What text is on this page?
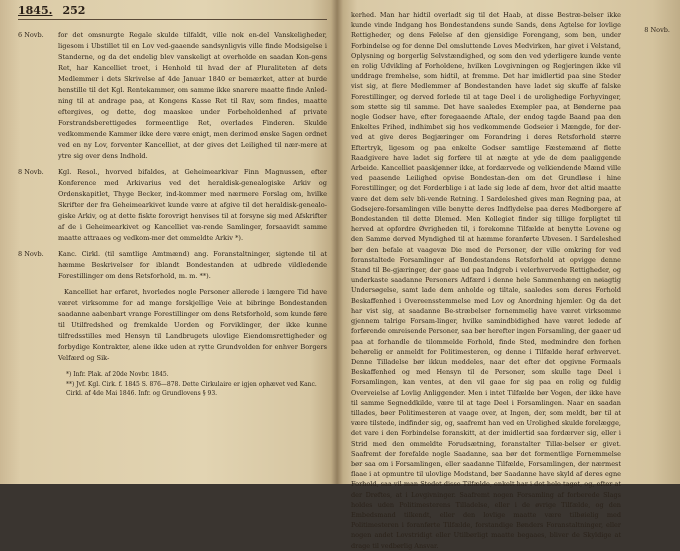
1845. 252
6 Novb.	for det omsnurgte Regale skulde tilfaldt, ville nok en-del Vanskeligheder, ligesom i Ubstillet til en Lov ved-gaaende sandsynligvis ville finde Modsigelse i Standerne, og da det endelig blev vanskeligt at overholde en saadan Kon-gens Ret, har Kancelliet troet, i Henhold til hvad der af Pluraliteten af dets Medlemmer i dets Skrivelse af 4de Januar 1840 er bemærket, atter at burde henstille til det Kgl. Rentekammer, om samme ikke snarere maatte finde Anled-ning til at andrage paa, at Kongens Kasse Ret til Rav, som findes, maatte eftergives, og dette, dog maaskee under Forbeholdenhed af private Forstrandsberettigedes formeentlige Ret, overlades Finderen. Skulde vedkommende Kammer ikke dere være enigt, men derimod ønske Sagen ordnet ved en ny Lov, forventer Kancelliet, at der gives det Leilighed til nær-mere at ytre sig over dens Indhold.
8 Novb.	Kgl. Resol., hvorved bifaldes, at Geheimearkivar Finn Magnussen, efter Konference med Arkivarius ved det heraldisk-genealogiske Arkiv og Ordenskapitlet, Thyge Becker, ind-kommer med nærmere Forslag om, hvilke Skrifter der fra Geheimearkivet kunde være at afgive til det heraldisk-genealo-giske Arkiv, og at dette fiskte forovrigt henvises til at forsyne sig med Afskrifter af de i Geheimearkivet og Kancelliet væ-rende Samlinger, forsaavidt samme maatte attraaes og vedkom-mer det ommeldte Arkiv *).
8 Novb.	Kanc. Cirkl. (til samtlige Amtmænd) ang. Foranstaltninger, sigtende til at hæmme Beskrivelser for iblandt Bondestanden at udbrede vildledende Forestillinger om dens Retsforhold, m. m. **).
Kancelliet har erfaret, hvorledes nogle Personer allerede i længere Tid have været virksomme for ad mange forskjellige Veie at bibringe Bondestanden saadanne aabenbart vrange Forestillinger om dens Retsforhold, som kunde føre til Utilfredshed og fremkalde Uorden og Forviklinger, der ikke kunne tilfredsstilles med Hensyn til Landbrugets ulovlige Eiendomsrettigheder og forbydige Kontrakter, alene ikke uden at rytte Grundvolden for enhver Borgers Velfærd og Sik-
*) Infr. Plak. af 20de Novbr. 1845.
**) Jvf. Kgl. Cirk. f. 1845 S. 876—878. Dette Cirkulaire er igjen ophævet ved Kanc. Cirkl. af 4de Mai 1846. Infr. og Grundlovens § 93.
kerhed. Man har hidtil overladt sig til det Haab, at disse Bestræ-belser ikke kunde vinde Indgang hos Bondestandens sunde Sands, dens Agtelse for lovlige Rettigheder, og dens Følelse af den gjensidige Forengang, som ben, under Forbindelse og for denne Del omsluttende Loves Medvirken, har givet i Velstand, Oplysning og borgerlig Selvstændighed, og som den ved yderligere kunde vente en rolig Udvikling af Forholdene, hvilken Lovgivningen og Regjeringen ikke vil unddrage fremhelse, som hidtil, at fremme. Det har imidlertid paa sine Steder vist sig, at flere Medlemmer af Bondestanden have ladet sig skuffe af falske Forestillinger, og derved forlede til at tage Deel i de urolighedige Forhyvinger, som støtte sig til samme. Det have saaledes Exempler paa, at Bønderne paa nogle Godser have, efter foregaaende Aftale, der endog tagde Baand paa den Enkeltes Frihed, indhimbet sig hos vedkommende Godseier i Mængde, for der-ved at give deres Begjæringer om Forandring i deres Retsforhold større Eftertryk, ligesom og paa enkelte Godser samtlige Fæstemænd af flette Raadgivere have ladet sig forføre til at nægte at yde de dem paaliggende Arbeide. Kancelliet paaskjønner ikke, at fordærvede og velkiendende Mænd ville ved paasende Leilighed opvise Bondestan-den om det Grundløse i hine Forestillinger, og det Forderblige i at lade sig lede af dem, hvor det altid maatte være det dem selv bli-vende Retning. I Sardeleshed gives man Regning paa, at Godsejere-forsamlingen ville benytte deres Indflydelse paa deres Medborgere af Bondestanden til dette Dlemed. Men Kollegiet finder sig tillige forpligtet til herved at opfordre Øvrigheden til, i forekomne Tilfælde at benytte Lovene og den Samme derved Myndighed til at hæmme foranførte Ubvesen. I Sardeleshed bør den befale at vaagevæ Die med de Personer, der ville omkring for ved foranstaltede Forsamlinger af Bondestandens Retsforhold at opvigge denne Stand til Be-gjæringer, der gaae ud paa Indgreb i velerhvervede Rettigheder, og underkaste saadanne Personers Adfærd i denne hele Sammenhæng en nøiagtig Undersøgelse, samt lade dem anholde og tiltale, saaledes som deres Forhold Beskaffenhed i Overeensstemmelse med Lov og Anordning hjemler. Og da det har vist sig, at saadanne Be-stræbelser fornemmelig have været virksomme gjennem talrige Forsam-linger, hvilke samindbidighed have været ledede af forførende omreisende Personer, saa bør herefter ingen Forsamling, der gaaer ud paa at forhandle de tilommelde Forhold, finde Sted, medmindre den forhen behørelig er anmeldt for Politimesteren, og denne i Tilfælde heraf erhvervet. Denne Tilladelse bør ikkun meddeles, naar det efter det opgivne Formaals Beskaffenhed og med Hensyn til de Personer, som skulle tage Deel i Forsamlingen, kan ventes, at den vil gaae for sig paa en rolig og fuldig Overveielse af Lovlig Anliggender. Men i intet Tilfælde bør Vogen, der ikke have til samme Segneddkilde, være til at tage Deel i Forsamlingen. Naar en saadan tillades, bøer Politimesteren at vaage over, at Ingen, der, som meldt, bør til at være tilstede, indfinder sig, og, saafremt han ved en Urolighed skulde forelægge, det vare i den Forbindelse foranskitt, at der imidlertid saa fordærver sig, eller i Strid med den ommeldte Forudsætning, foranstalter Tillæ-belser er givet. Saafremt der forefalde nogle Saadanne, saa bør det formentlige Fornemmelse bør saa om i Forsamlingen, eller saadanne Tilfælde, Forsamlingen, der nærmest flaae i at opmuntre til ulovlige Modstand, bør Saadanne have skyld af deres egne Forhold, saa vil man Stedet disse Tilfælde, enkelt har i det hele taget, og, efter at der Drøftes, at i Lovgivninger. Saafremt nogen Forsamling af forberede Slags holdes uden Politimesterens Tilladelse, eller i de øvrige Tilfælde, og den Embedsmand tilkendt, eller den lovlige maatte være tilbøielig med Politimesteren i foranførte Tilfælde, forstandige Bønders Foranstaltninger, eller nogen andet Lovstridigt eller Utilbørligt maatte begaaes, bliver de Skyldige at drage til vedbørlig Ansvar.
8 Novb.
